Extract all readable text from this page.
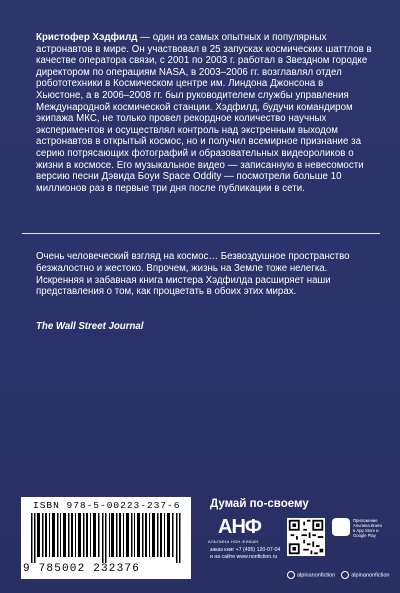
Кристофер Хэдфилд — один из самых опытных и популярных астронавтов в мире. Он участвовал в 25 запусках космических шаттлов в качестве оператора связи, с 2001 по 2003 г. работал в Звездном городке директором по операциям NASA, в 2003–2006 гг. возглавлял отдел робототехники в Космическом центре им. Линдона Джонсона в Хьюстоне, а в 2006–2008 гг. был руководителем службы управления Международной космической станции. Хэдфилд, будучи командиром экипажа МКС, не только провел рекордное количество научных экспериментов и осуществлял контроль над экстренным выходом астронавтов в открытый космос, но и получил всемирное признание за серию потрясающих фотографий и образовательных видеороликов о жизни в космосе. Его музыкальное видео — записанную в невесомости версию песни Дэвида Боуи Space Oddity — посмотрели больше 10 миллионов раз в первые три дня после публикации в сети.
Очень человеческий взгляд на космос… Безвоздушное пространство безжалостно и жестоко. Впрочем, жизнь на Земле тоже нелегка. Искренняя и забавная книга мистера Хэдфилда расширяет наши представления о том, как процветать в обоих этих мирах.
The Wall Street Journal
ISBN 978-5-00223-237-6
9 785002 232376
Думай по-своему
АНФ
АЛЬПИНА НОН-ФИКШН
заказ книг +7 (495) 120-07-04
и на сайте www.nonfiction.ru
Приложение Альпина.Книги в App Store и Google Play
alpinanonfiction	alpinanonfiction
